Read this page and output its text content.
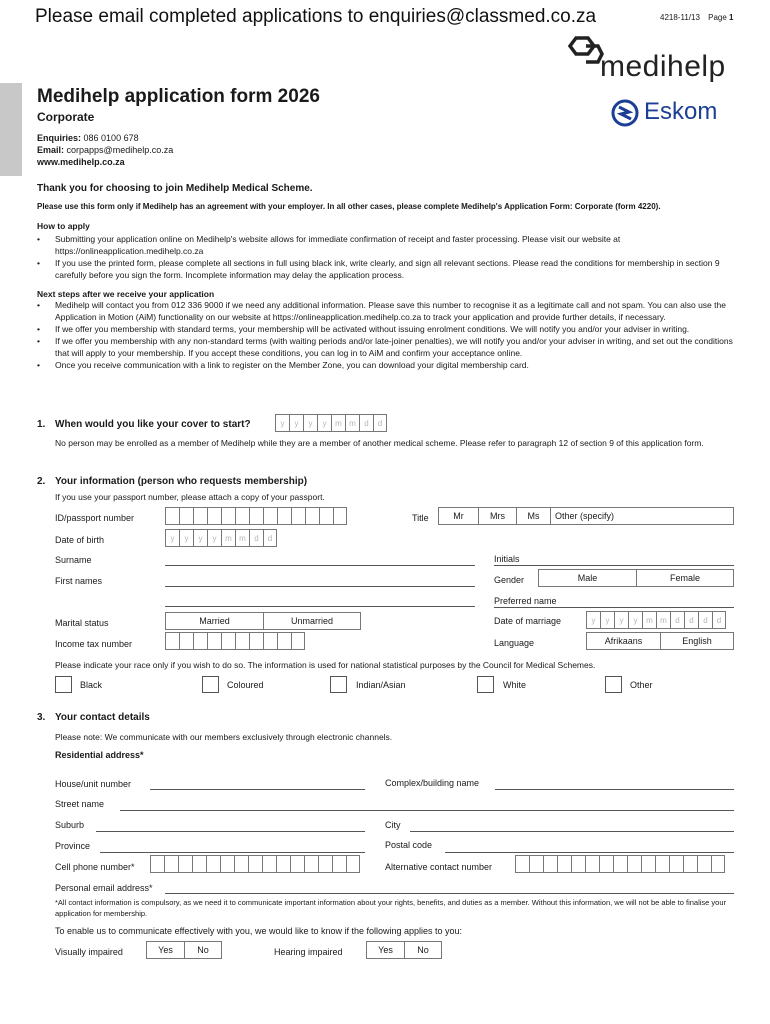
Please email completed applications to enquiries@classmed.co.za	4218-11/13 Page 1
medihelp
Eskom
Medihelp application form 2026
Corporate
Enquiries: 086 0100 678
Email: corpapps@medihelp.co.za
www.medihelp.co.za
Thank you for choosing to join Medihelp Medical Scheme.
Please use this form only if Medihelp has an agreement with your employer. In all other cases, please complete Medihelp's Application Form: Corporate (form 4220).
How to apply
•	Submitting your application online on Medihelp's website allows for immediate confirmation of receipt and faster processing. Please visit our website at https://onlineapplication.medihelp.co.za
•	If you use the printed form, please complete all sections in full using black ink, write clearly, and sign all relevant sections. Please read the conditions for membership in section 9 carefully before you sign the form. Incomplete information may delay the application process.
Next steps after we receive your application
•	Medihelp will contact you from 012 336 9000 if we need any additional information. Please save this number to recognise it as a legitimate call and not spam. You can also use the Application in Motion (AiM) functionality on our website at https://onlineapplication.medihelp.co.za to track your application and provide further details, if necessary.
•	If we offer you membership with standard terms, your membership will be activated without issuing enrolment conditions. We will notify you and/or your adviser in writing.
•	If we offer you membership with any non-standard terms (with waiting periods and/or late-joiner penalties), we will notify you and/or your adviser in writing, and set out the conditions that will apply to your membership. If you accept these conditions, you can log in to AiM and confirm your acceptance online.
•	Once you receive communication with a link to register on the Member Zone, you can download your digital membership card.
1. When would you like your cover to start?	y	y	y	y	m m	d	d
No person may be enrolled as a member of Medihelp while they are a member of another medical scheme. Please refer to paragraph 12 of section 9 of this application form.
2. Your information (person who requests membership)
If you use your passport number, please attach a copy of your passport.
ID/passport number	Title	Mr	Mrs	Ms	Other (specify)
Date of birth	y	y	y	y	m m	d	d
Surname	Initials
First names	Gender	Male	Female
Preferred name
Marital status	Married	Unmarried	Date of marriage	y	y	y	y	m m	d	d	d	d
Income tax number	Language	Afrikaans	English
Please indicate your race only if you wish to do so. The information is used for national statistical purposes by the Council for Medical Schemes.
Black	Coloured	Indian/Asian	White	Other
3. Your contact details
Please note: We communicate with our members exclusively through electronic channels.
Residential address*
House/unit number	Complex/building name
Street name
Suburb	City
Province	Postal code
Cell phone number*	Alternative contact number
Personal email address*
*All contact information is compulsory, as we need it to communicate important information about your rights, benefits, and duties as a member. Without this information, we will not be able to finalise your application for membership.
To enable us to communicate effectively with you, we would like to know if the following applies to you:
Visually impaired	Yes	No	Hearing impaired	Yes	No
